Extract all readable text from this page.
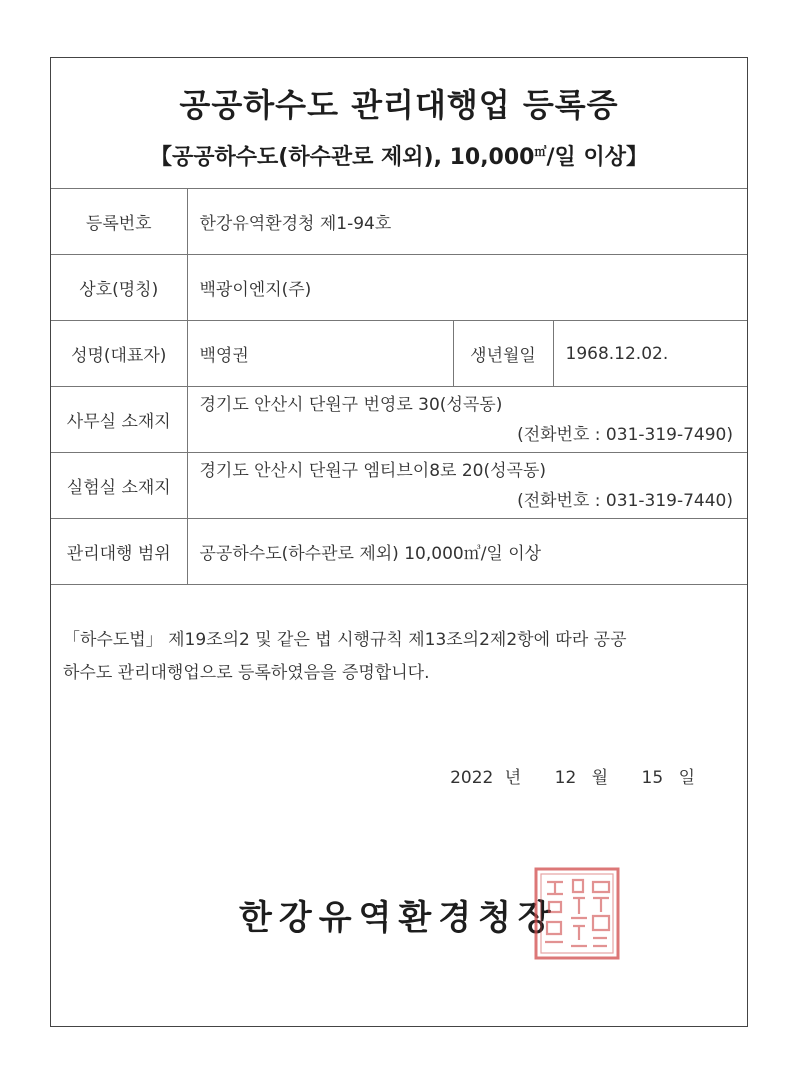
공공하수도 관리대행업 등록증
【공공하수도(하수관로 제외), 10,000㎥/일 이상】
등록번호	한강유역환경청 제1-94호		
상호(명칭)	백광이엔지(주)		
성명(대표자)	백영권	생년월일	1968.12.02.
사무실 소재지	경기도 안산시 단원구 번영로 30(성곡동)
(전화번호 : 031-319-7490)		

실험실 소재지	경기도 안산시 단원구 엠티브이8로 20(성곡동)
(전화번호 : 031-319-7440)		

관리대행 범위	공공하수도(하수관로 제외) 10,000㎥/일 이상		
「하수도법」 제19조의2 및 같은 법 시행규칙 제13조의2제2항에 따라 공공
하수도 관리대행업으로 등록하였음을 증명합니다.
2022 년 12 월 15 일
한강유역환경청장
